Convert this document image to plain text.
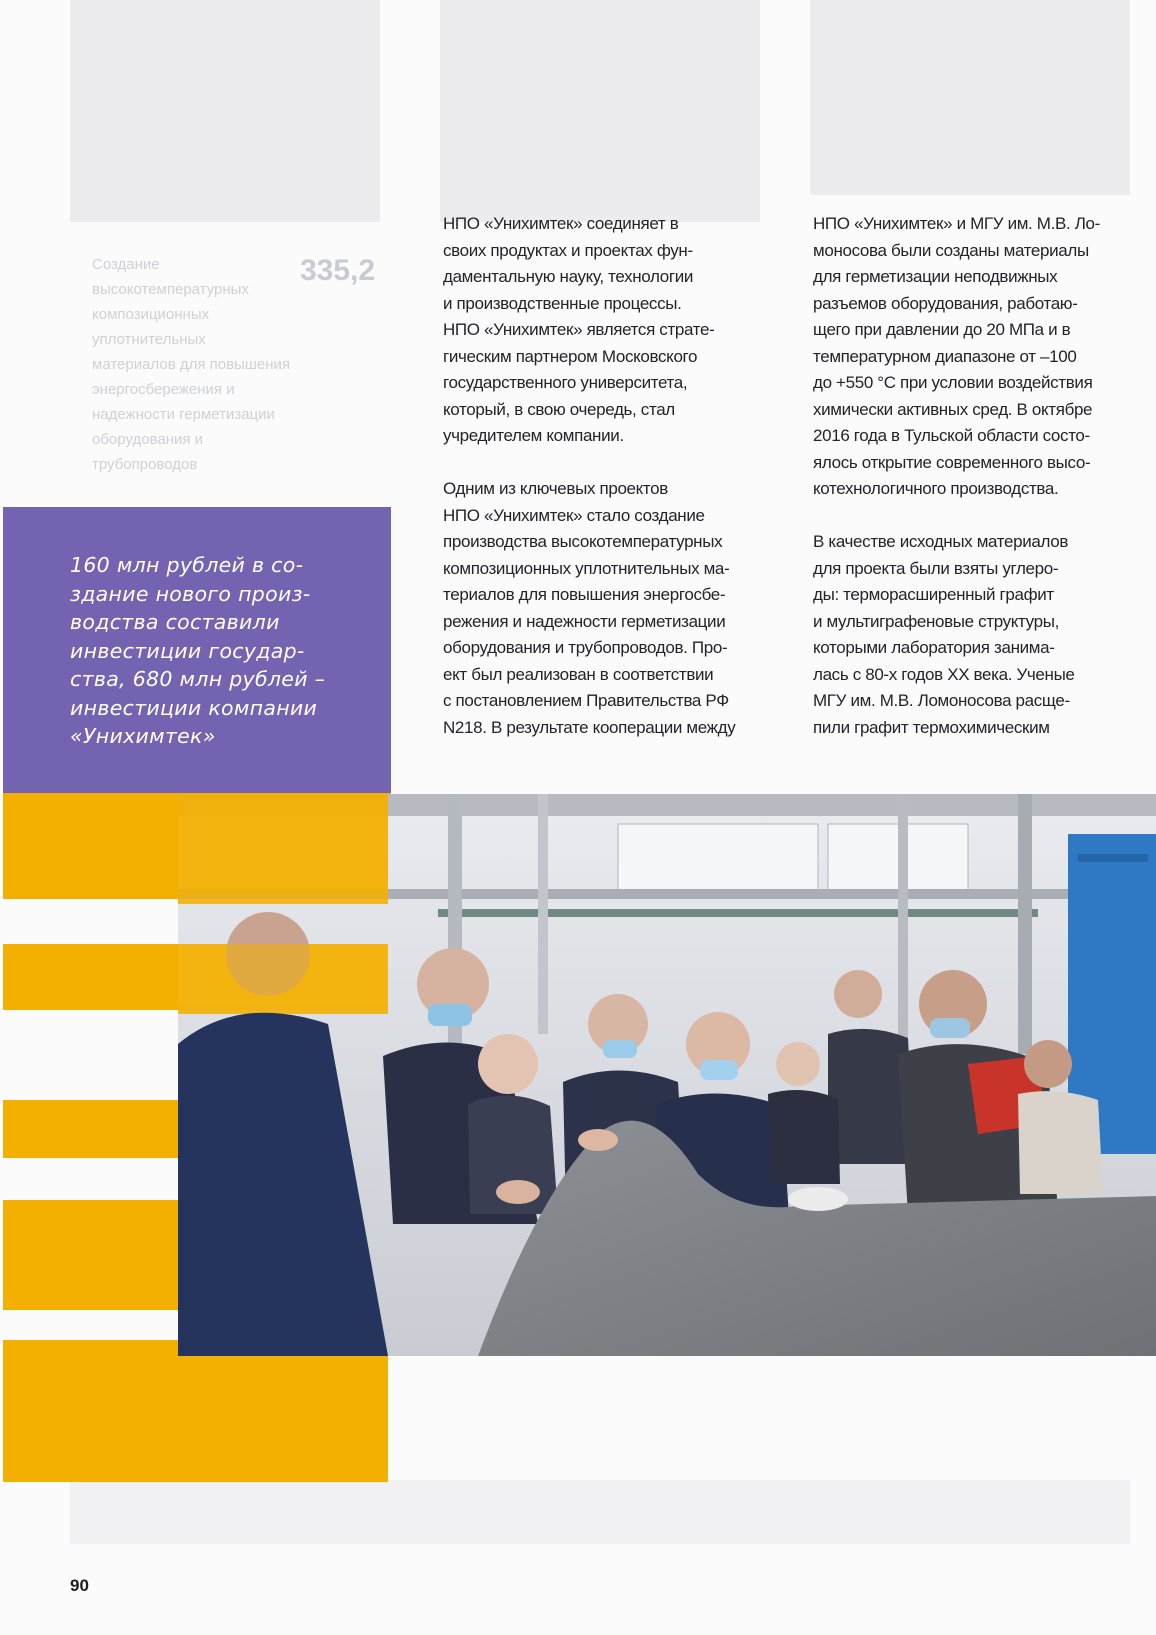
335,2
Создание
высокотемпературных
композиционных
уплотнительных
материалов для повышения
энергосбережения и
надежности герметизации
оборудования и
трубопроводов

НПО «Унихимтек» соединяет в
своих продуктах и проектах фун-
даментальную науку, технологии
и производственные процессы.
НПО «Унихимтек» является страте-
гическим партнером Московского
государственного университета,
который, в свою очередь, стал
учредителем компании.

Одним из ключевых проектов
НПО «Унихимтек» стало создание
производства высокотемпературных
композиционных уплотнительных ма-
териалов для повышения энергосбе-
режения и надежности герметизации
оборудования и трубопроводов. Про-
ект был реализован в соответствии
с постановлением Правительства РФ
N218. В результате кооперации между

НПО «Унихимтек» и МГУ им. М.В. Ло-
моносова были созданы материалы
для герметизации неподвижных
разъемов оборудования, работаю-
щего при давлении до 20 МПа и в
температурном диапазоне от –100
до +550 °С при условии воздействия
химически активных сред. В октябре
2016 года в Тульской области состо-
ялось открытие современного высо-
котехнологичного производства.

В качестве исходных материалов
для проекта были взяты углеро-
ды: терморасширенный графит
и мультиграфеновые структуры,
которыми лаборатория занима-
лась с 80-х годов XX века. Ученые
МГУ им. М.В. Ломоносова расще-
пили графит термохимическим

160 млн рублей в со-
здание нового произ-
водства составили
инвестиции государ-
ства, 680 млн рублей –
инвестиции компании
«Унихимтек»
90
